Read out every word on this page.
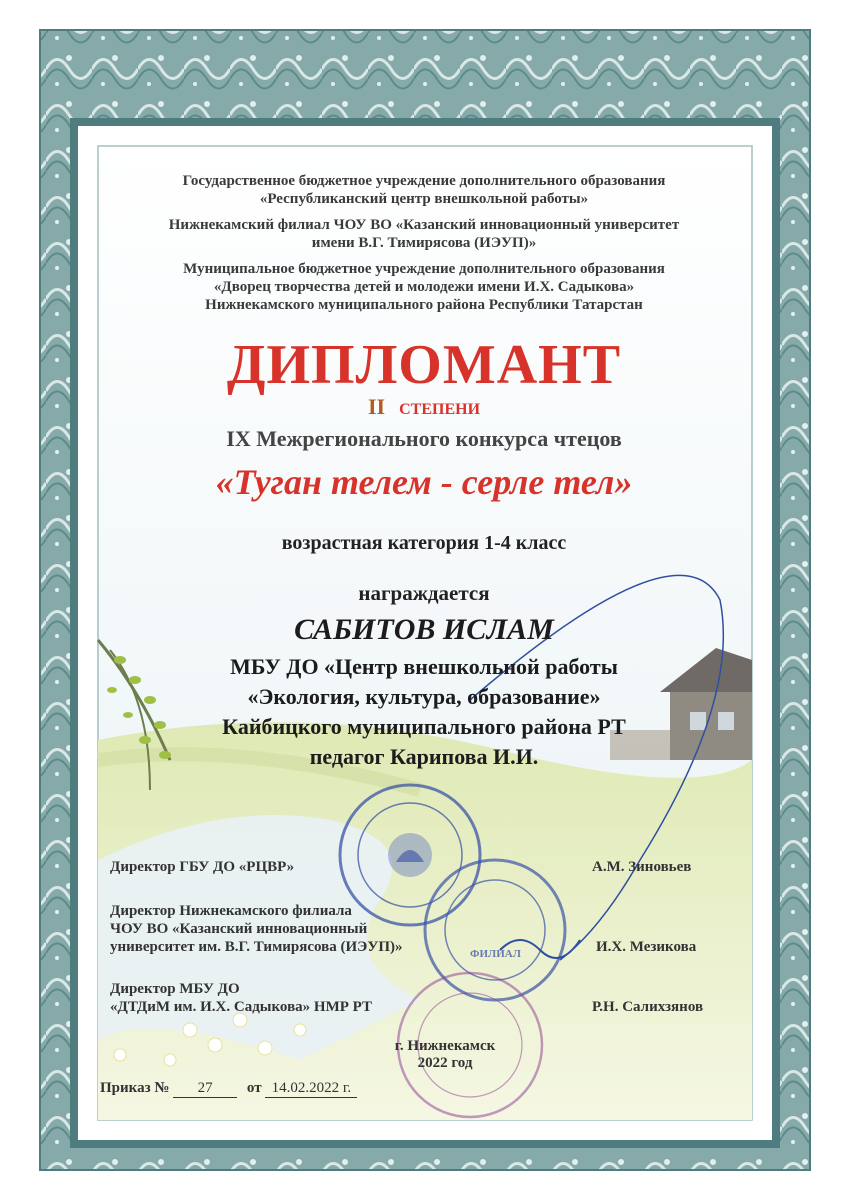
ФИЛИАЛ
Государственное бюджетное учреждение дополнительного образования
«Республиканский центр внешкольной работы»
Нижнекамский филиал ЧОУ ВО «Казанский инновационный университет
имени В.Г. Тимирясова (ИЭУП)»
Муниципальное бюджетное учреждение дополнительного образования
«Дворец творчества детей и молодежи имени И.Х. Садыкова»
Нижнекамского муниципального района Республики Татарстан
ДИПЛОМАНТ
II СТЕПЕНИ
IX Межрегионального конкурса чтецов
«Туган телем - серле тел»
возрастная категория 1-4 класс
награждается
САБИТОВ ИСЛАМ
МБУ ДО «Центр внешкольной работы
«Экология, культура, образование»
Кайбицкого муниципального района РТ
педагог Карипова И.И.
Директор ГБУ ДО «РЦВР»	А.М. Зиновьев
Директор Нижнекамского филиала
ЧОУ ВО «Казанский инновационный
университет им. В.Г. Тимирясова (ИЭУП)»	И.Х. Мезикова
Директор МБУ ДО
«ДТДиМ им. И.Х. Садыкова» НМР РТ	Р.Н. Салихзянов
г. Нижнекамск
2022 год
Приказ № 27 от 14.02.2022 г.
